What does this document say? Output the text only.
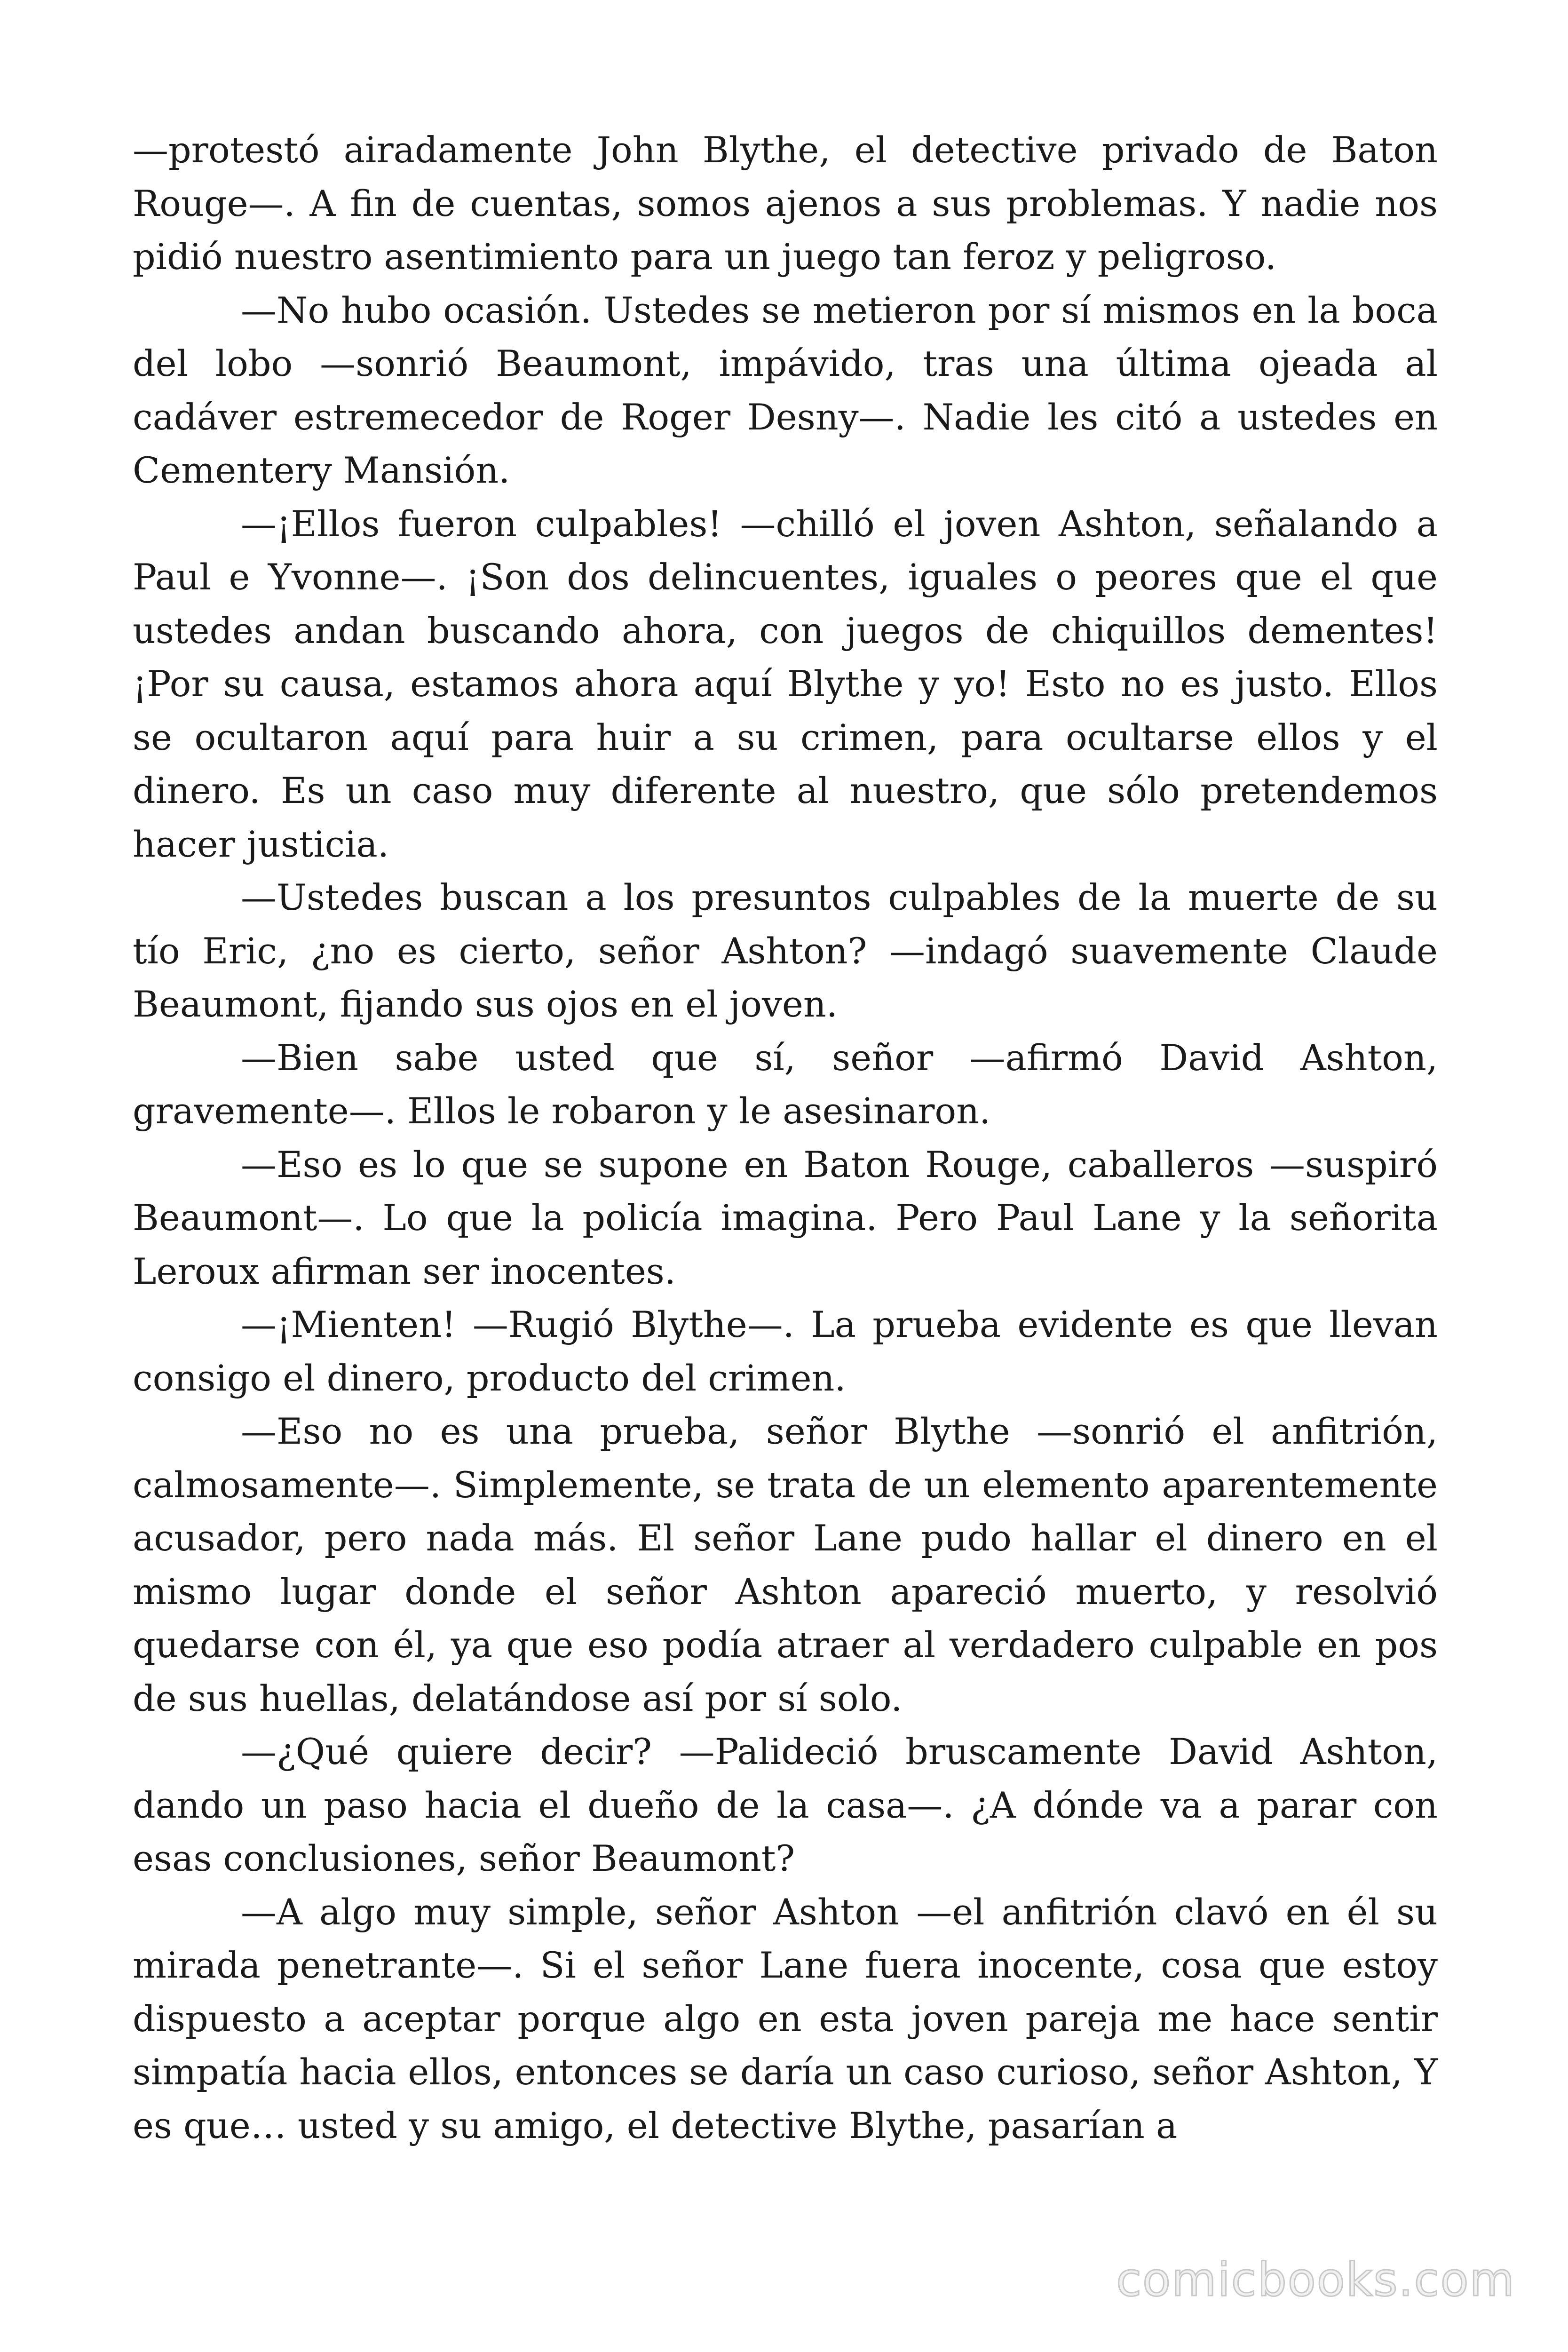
—protestó airadamente John Blythe, el detective privado de Baton Rouge—. A fin de cuentas, somos ajenos a sus problemas. Y nadie nos pidió nuestro asentimiento para un juego tan feroz y peligroso.

—No hubo ocasión. Ustedes se metieron por sí mismos en la boca del lobo —sonrió Beaumont, impávido, tras una última ojeada al cadáver estremecedor de Roger Desny—. Nadie les citó a ustedes en Cementery Mansión.

—¡Ellos fueron culpables! —chilló el joven Ashton, señalando a Paul e Yvonne—. ¡Son dos delincuentes, iguales o peores que el que ustedes andan buscando ahora, con juegos de chiquillos dementes! ¡Por su causa, estamos ahora aquí Blythe y yo! Esto no es justo. Ellos se ocultaron aquí para huir a su crimen, para ocultarse ellos y el dinero. Es un caso muy diferente al nuestro, que sólo pretendemos hacer justicia.

—Ustedes buscan a los presuntos culpables de la muerte de su tío Eric, ¿no es cierto, señor Ashton? —indagó suavemente Claude Beaumont, fijando sus ojos en el joven.

—Bien sabe usted que sí, señor —afirmó David Ashton, gravemente—. Ellos le robaron y le asesinaron.

—Eso es lo que se supone en Baton Rouge, caballeros —suspiró Beaumont—. Lo que la policía imagina. Pero Paul Lane y la señorita Leroux afirman ser inocentes.

—¡Mienten! —Rugió Blythe—. La prueba evidente es que llevan consigo el dinero, producto del crimen.

—Eso no es una prueba, señor Blythe —sonrió el anfitrión, calmosamente—. Simplemente, se trata de un elemento aparentemente acusador, pero nada más. El señor Lane pudo hallar el dinero en el mismo lugar donde el señor Ashton apareció muerto, y resolvió quedarse con él, ya que eso podía atraer al verdadero culpable en pos de sus huellas, delatándose así por sí solo.

—¿Qué quiere decir? —Palideció bruscamente David Ashton, dando un paso hacia el dueño de la casa—. ¿A dónde va a parar con esas conclusiones, señor Beaumont?

—A algo muy simple, señor Ashton —el anfitrión clavó en él su mirada penetrante—. Si el señor Lane fuera inocente, cosa que estoy dispuesto a aceptar porque algo en esta joven pareja me hace sentir simpatía hacia ellos, entonces se daría un caso curioso, señor Ashton, Y es que… usted y su amigo, el detective Blythe, pasarían a

comicbooks.com
